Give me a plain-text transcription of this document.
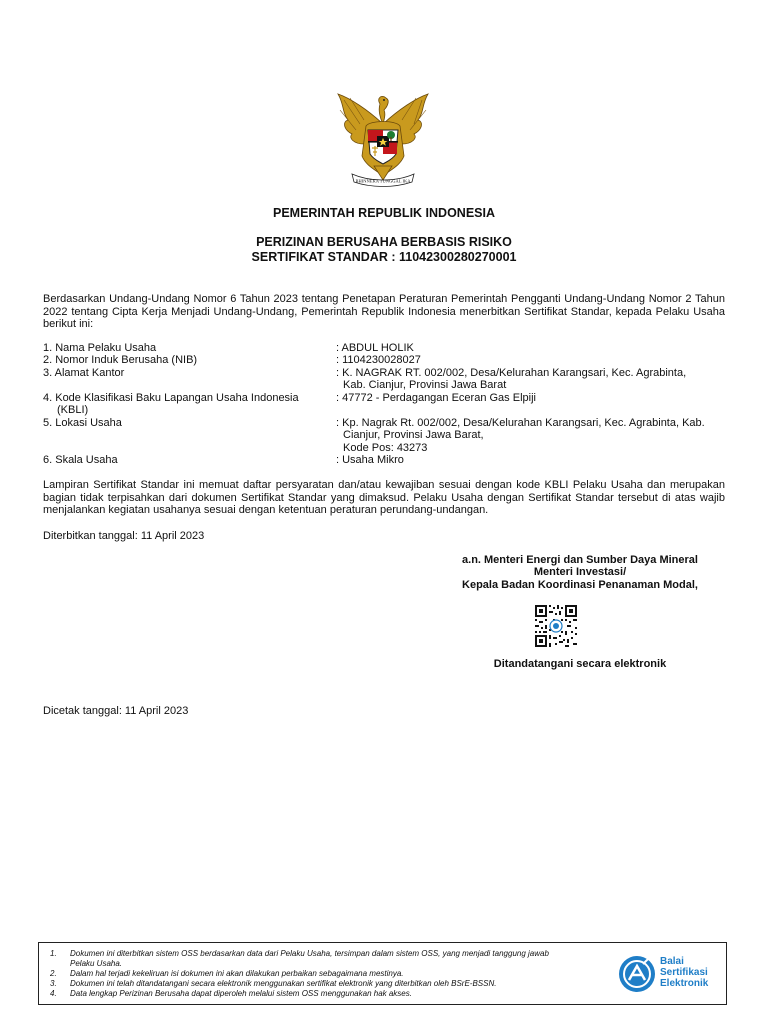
BHINNEKA TUNGGAL IKA
PEMERINTAH REPUBLIK INDONESIA
PERIZINAN BERUSAHA BERBASIS RISIKO
SERTIFIKAT STANDAR : 11042300280270001
Berdasarkan Undang-Undang Nomor 6 Tahun 2023 tentang Penetapan Peraturan Pemerintah Pengganti Undang-Undang Nomor 2 Tahun 2022 tentang Cipta Kerja Menjadi Undang-Undang, Pemerintah Republik Indonesia menerbitkan Sertifikat Standar, kepada Pelaku Usaha berikut ini:
1. Nama Pelaku Usaha	: ABDUL HOLIK
2. Nomor Induk Berusaha (NIB)	: 1104230028027
3. Alamat Kantor	: K. NAGRAK RT. 002/002, Desa/Kelurahan Karangsari, Kec. Agrabinta,
Kab. Cianjur, Provinsi Jawa Barat
4. Kode Klasifikasi Baku Lapangan Usaha Indonesia
(KBLI)
: 47772 - Perdagangan Eceran Gas Elpiji
5. Lokasi Usaha	: Kp. Nagrak Rt. 002/002, Desa/Kelurahan Karangsari, Kec. Agrabinta, Kab.
Cianjur, Provinsi Jawa Barat,
Kode Pos: 43273
6. Skala Usaha	: Usaha Mikro
Lampiran Sertifikat Standar ini memuat daftar persyaratan dan/atau kewajiban sesuai dengan kode KBLI Pelaku Usaha dan merupakan bagian tidak terpisahkan dari dokumen Sertifikat Standar yang dimaksud. Pelaku Usaha dengan Sertifikat Standar tersebut di atas wajib menjalankan kegiatan usahanya sesuai dengan ketentuan peraturan perundang-undangan.
Diterbitkan tanggal: 11 April 2023
a.n. Menteri Energi dan Sumber Daya Mineral
Menteri Investasi/
Kepala Badan Koordinasi Penanaman Modal,
Ditandatangani secara elektronik
Dicetak tanggal: 11 April 2023
1. Dokumen ini diterbitkan sistem OSS berdasarkan data dari Pelaku Usaha, tersimpan dalam sistem OSS, yang menjadi tanggung jawab
Pelaku Usaha.
2. Dalam hal terjadi kekeliruan isi dokumen ini akan dilakukan perbaikan sebagaimana mestinya.
3. Dokumen ini telah ditandatangani secara elektronik menggunakan sertifikat elektronik yang diterbitkan oleh BSrE-BSSN.
4. Data lengkap Perizinan Berusaha dapat diperoleh melalui sistem OSS menggunakan hak akses.
Balai
Sertifikasi
Elektronik
